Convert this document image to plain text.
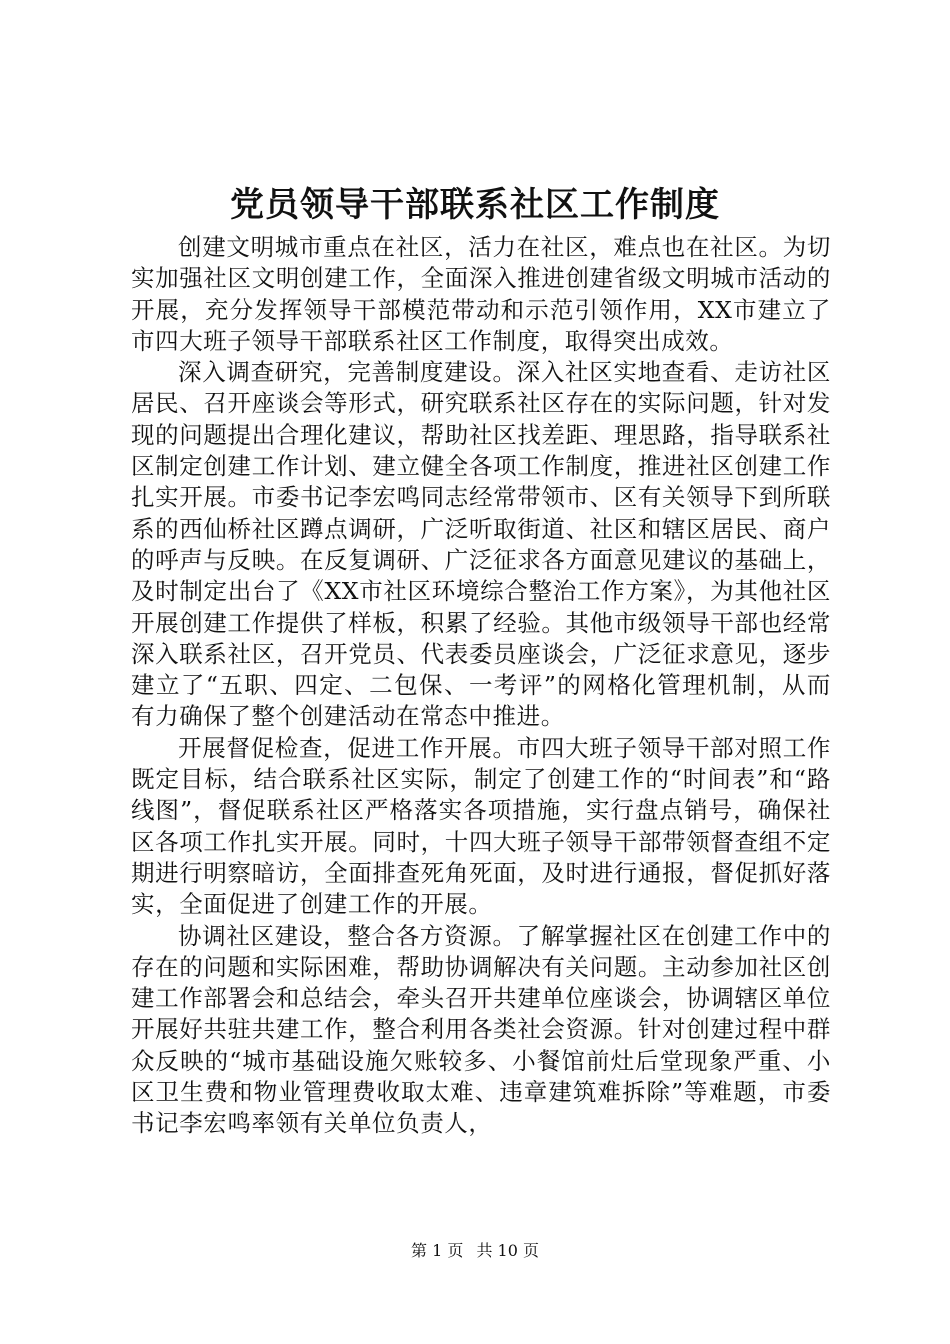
党员领导干部联系社区工作制度

创建文明城市重点在社区，活力在社区，难点也在社区。为切实加强社区文明创建工作，全面深入推进创建省级文明城市活动的开展，充分发挥领导干部模范带动和示范引领作用，XX市建立了市四大班子领导干部联系社区工作制度，取得突出成效。

深入调查研究，完善制度建设。深入社区实地查看、走访社区居民、召开座谈会等形式，研究联系社区存在的实际问题，针对发现的问题提出合理化建议，帮助社区找差距、理思路，指导联系社区制定创建工作计划、建立健全各项工作制度，推进社区创建工作扎实开展。市委书记李宏鸣同志经常带领市、区有关领导下到所联系的西仙桥社区蹲点调研，广泛听取街道、社区和辖区居民、商户的呼声与反映。在反复调研、广泛征求各方面意见建议的基础上，及时制定出台了《XX市社区环境综合整治工作方案》，为其他社区开展创建工作提供了样板，积累了经验。其他市级领导干部也经常深入联系社区，召开党员、代表委员座谈会，广泛征求意见，逐步建立了“五职、四定、二包保、一考评”的网格化管理机制，从而有力确保了整个创建活动在常态中推进。

开展督促检查，促进工作开展。市四大班子领导干部对照工作既定目标，结合联系社区实际，制定了创建工作的“时间表”和“路线图”，督促联系社区严格落实各项措施，实行盘点销号，确保社区各项工作扎实开展。同时，十四大班子领导干部带领督查组不定期进行明察暗访，全面排查死角死面，及时进行通报，督促抓好落实，全面促进了创建工作的开展。

协调社区建设，整合各方资源。了解掌握社区在创建工作中的存在的问题和实际困难，帮助协调解决有关问题。主动参加社区创建工作部署会和总结会，牵头召开共建单位座谈会，协调辖区单位开展好共驻共建工作，整合利用各类社会资源。针对创建过程中群众反映的“城市基础设施欠账较多、小餐馆前灶后堂现象严重、小区卫生费和物业管理费收取太难、违章建筑难拆除”等难题，市委书记李宏鸣率领有关单位负责人，

第 1 页 共 10 页
